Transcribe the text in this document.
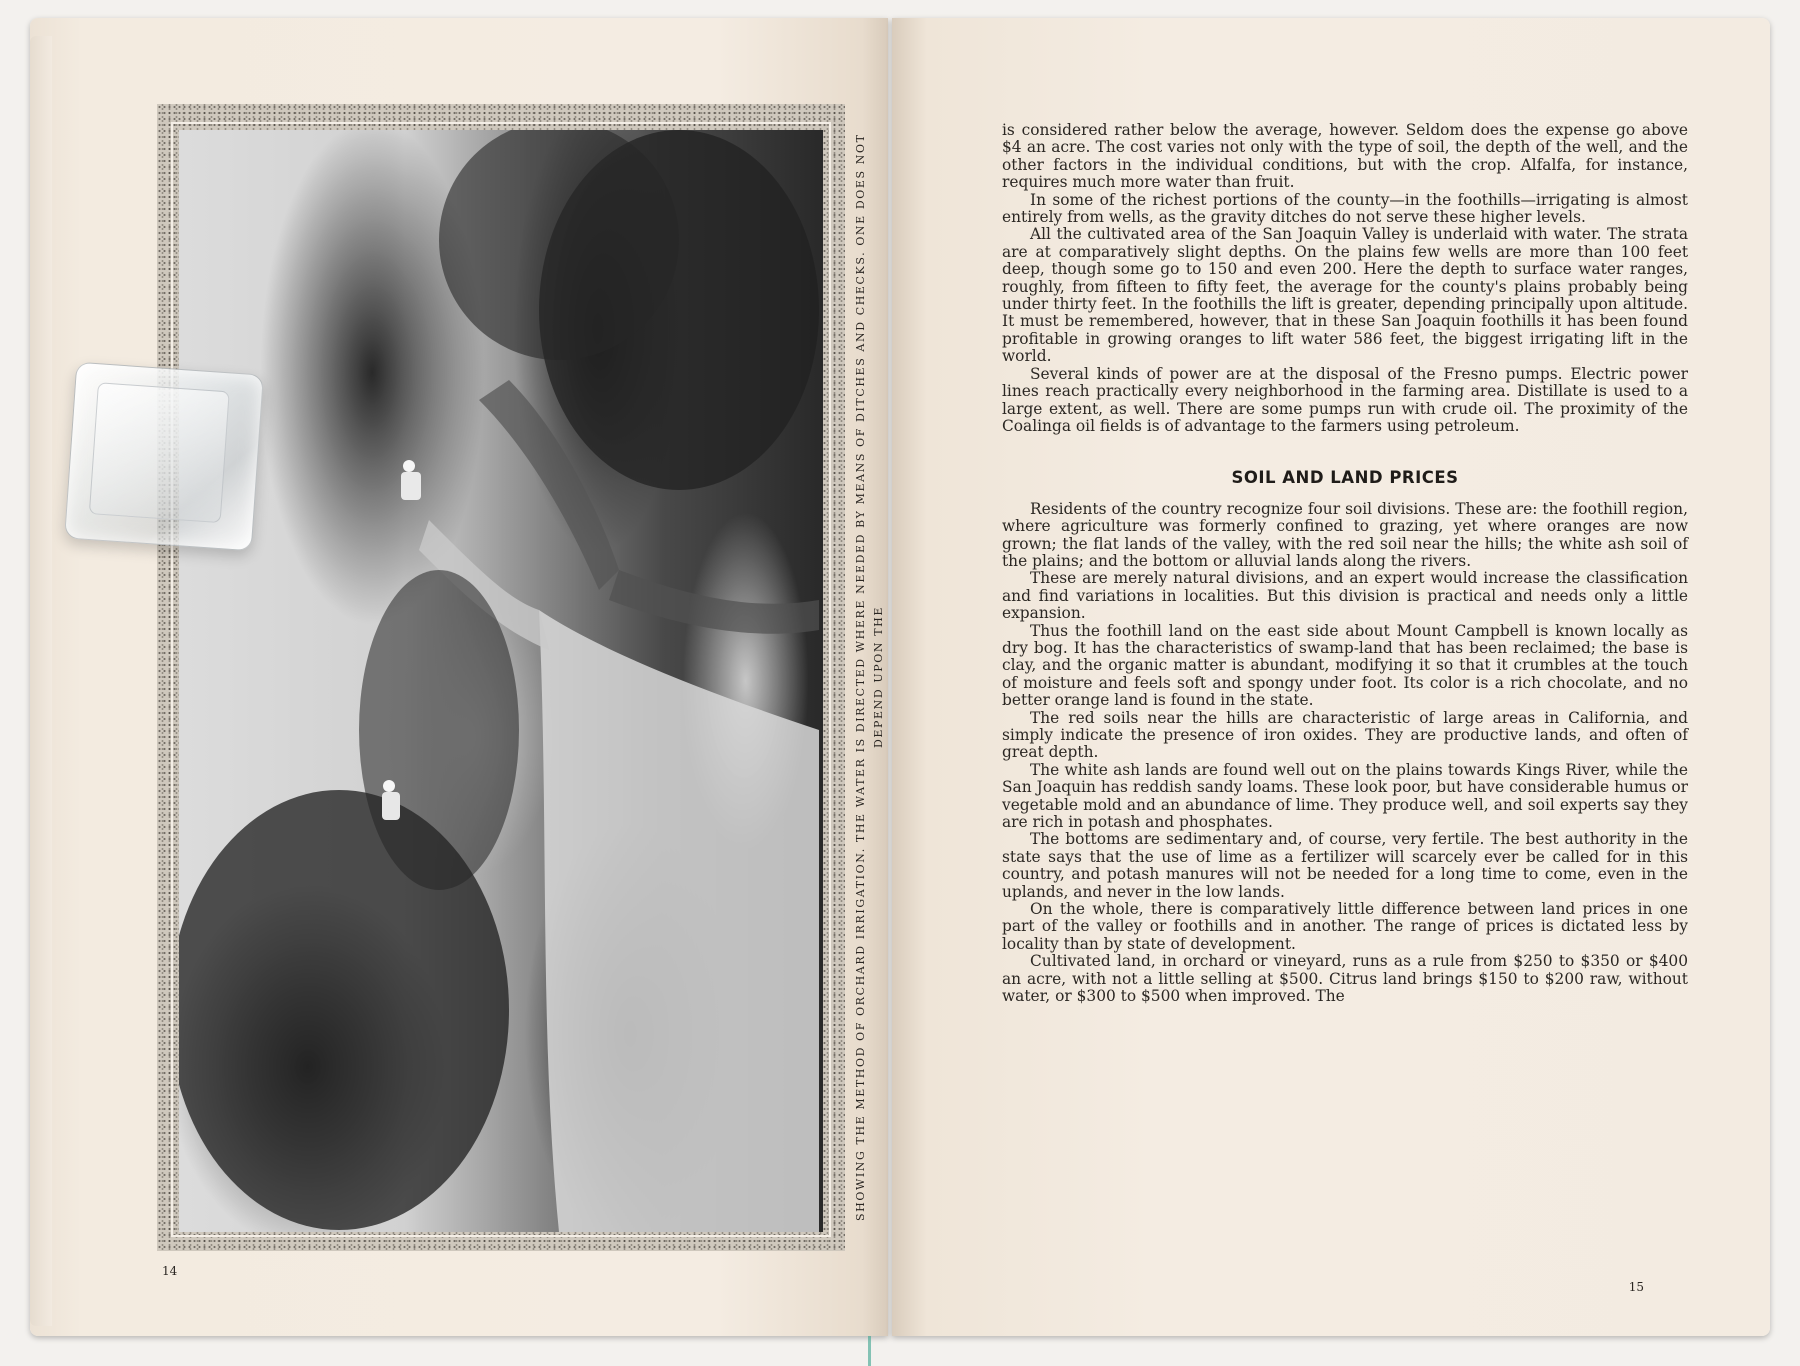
SHOWING THE METHOD OF ORCHARD IRRIGATION. THE WATER IS DIRECTED WHERE NEEDED BY MEANS OF DITCHES AND CHECKS. ONE DOES NOT DEPEND UPON THE
14

is considered rather below the average, however. Seldom does the expense go above $4 an acre. The cost varies not only with the type of soil, the depth of the well, and the other factors in the individual conditions, but with the crop. Alfalfa, for instance, requires much more water than fruit.

In some of the richest portions of the county—in the foothills—irrigating is almost entirely from wells, as the gravity ditches do not serve these higher levels.

All the cultivated area of the San Joaquin Valley is underlaid with water. The strata are at comparatively slight depths. On the plains few wells are more than 100 feet deep, though some go to 150 and even 200. Here the depth to surface water ranges, roughly, from fifteen to fifty feet, the average for the county's plains probably being under thirty feet. In the foothills the lift is greater, depending principally upon altitude. It must be remembered, however, that in these San Joaquin foothills it has been found profitable in growing oranges to lift water 586 feet, the biggest irrigating lift in the world.

Several kinds of power are at the disposal of the Fresno pumps. Electric power lines reach practically every neighborhood in the farming area. Distillate is used to a large extent, as well. There are some pumps run with crude oil. The proximity of the Coalinga oil fields is of advantage to the farmers using petroleum.

SOIL AND LAND PRICES

Residents of the country recognize four soil divisions. These are: the foothill region, where agriculture was formerly confined to grazing, yet where oranges are now grown; the flat lands of the valley, with the red soil near the hills; the white ash soil of the plains; and the bottom or alluvial lands along the rivers.

These are merely natural divisions, and an expert would increase the classification and find variations in localities. But this division is practical and needs only a little expansion.

Thus the foothill land on the east side about Mount Campbell is known locally as dry bog. It has the characteristics of swamp-land that has been reclaimed; the base is clay, and the organic matter is abundant, modifying it so that it crumbles at the touch of moisture and feels soft and spongy under foot. Its color is a rich chocolate, and no better orange land is found in the state.

The red soils near the hills are characteristic of large areas in California, and simply indicate the presence of iron oxides. They are productive lands, and often of great depth.

The white ash lands are found well out on the plains towards Kings River, while the San Joaquin has reddish sandy loams. These look poor, but have considerable humus or vegetable mold and an abundance of lime. They produce well, and soil experts say they are rich in potash and phosphates.

The bottoms are sedimentary and, of course, very fertile. The best authority in the state says that the use of lime as a fertilizer will scarcely ever be called for in this country, and potash manures will not be needed for a long time to come, even in the uplands, and never in the low lands.

On the whole, there is comparatively little difference between land prices in one part of the valley or foothills and in another. The range of prices is dictated less by locality than by state of development.

Cultivated land, in orchard or vineyard, runs as a rule from $250 to $350 or $400 an acre, with not a little selling at $500. Citrus land brings $150 to $200 raw, without water, or $300 to $500 when improved. The

15
